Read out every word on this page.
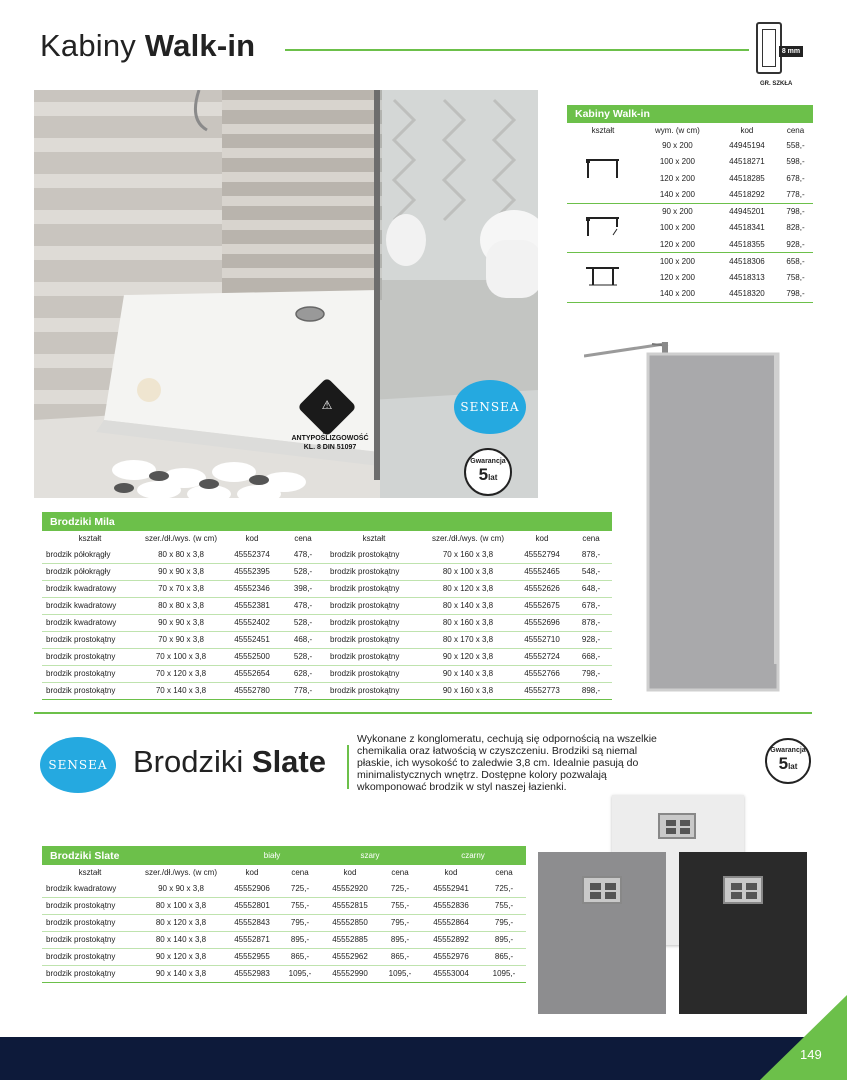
Kabiny Walk-in	8 mm
GR. SZKŁA
⚠
ANTYPOŚLIZGOWOŚĆ
KL. 8 DIN 51097
SENSEA
Gwarancja
5lat
Kabiny Walk-in			
kształt	wym. (w cm)	kod	cena
	90 x 200	44945194	558,-
	100 x 200	44518271	598,-
	120 x 200	44518285	678,-
	140 x 200	44518292	778,-
	90 x 200	44945201	798,-
	100 x 200	44518341	828,-
	120 x 200	44518355	928,-
	100 x 200	44518306	658,-
	120 x 200	44518313	758,-
	140 x 200	44518320	798,-
Brodziki Mila							
kształt	szer./dł./wys. (w cm)	kod	cena	kształt	szer./dł./wys. (w cm)	kod	cena
brodzik półokrągły	80 x 80 x 3,8	45552374	478,-	brodzik prostokątny	70 x 160 x 3,8	45552794	878,-
brodzik półokrągły	90 x 90 x 3,8	45552395	528,-	brodzik prostokątny	80 x 100 x 3,8	45552465	548,-
brodzik kwadratowy	70 x 70 x 3,8	45552346	398,-	brodzik prostokątny	80 x 120 x 3,8	45552626	648,-
brodzik kwadratowy	80 x 80 x 3,8	45552381	478,-	brodzik prostokątny	80 x 140 x 3,8	45552675	678,-
brodzik kwadratowy	90 x 90 x 3,8	45552402	528,-	brodzik prostokątny	80 x 160 x 3,8	45552696	878,-
brodzik prostokątny	70 x 90 x 3,8	45552451	468,-	brodzik prostokątny	80 x 170 x 3,8	45552710	928,-
brodzik prostokątny	70 x 100 x 3,8	45552500	528,-	brodzik prostokątny	90 x 120 x 3,8	45552724	668,-
brodzik prostokątny	70 x 120 x 3,8	45552654	628,-	brodzik prostokątny	90 x 140 x 3,8	45552766	798,-
brodzik prostokątny	70 x 140 x 3,8	45552780	778,-	brodzik prostokątny	90 x 160 x 3,8	45552773	898,-
SENSEA Brodziki Slate
Wykonane z konglomeratu, cechują się odpornością na wszelkie chemikalia oraz łatwością w czyszczeniu. Brodziki są niemal płaskie, ich wysokość to zaledwie 3,8 cm. Idealnie pasują do minimalistycznych wnętrz. Dostępne kolory pozwalają wkomponować brodzik w styl naszej łazienki.
Gwarancja
5lat
Brodziki Slate		biały		szary		czarny	
kształt	szer./dł./wys. (w cm)	kod	cena	kod	cena	kod	cena
brodzik kwadratowy	90 x 90 x 3,8	45552906	725,-	45552920	725,-	45552941	725,-
brodzik prostokątny	80 x 100 x 3,8	45552801	755,-	45552815	755,-	45552836	755,-
brodzik prostokątny	80 x 120 x 3,8	45552843	795,-	45552850	795,-	45552864	795,-
brodzik prostokątny	80 x 140 x 3,8	45552871	895,-	45552885	895,-	45552892	895,-
brodzik prostokątny	90 x 120 x 3,8	45552955	865,-	45552962	865,-	45552976	865,-
brodzik prostokątny	90 x 140 x 3,8	45552983	1095,-	45552990	1095,-	45553004	1095,-
149
